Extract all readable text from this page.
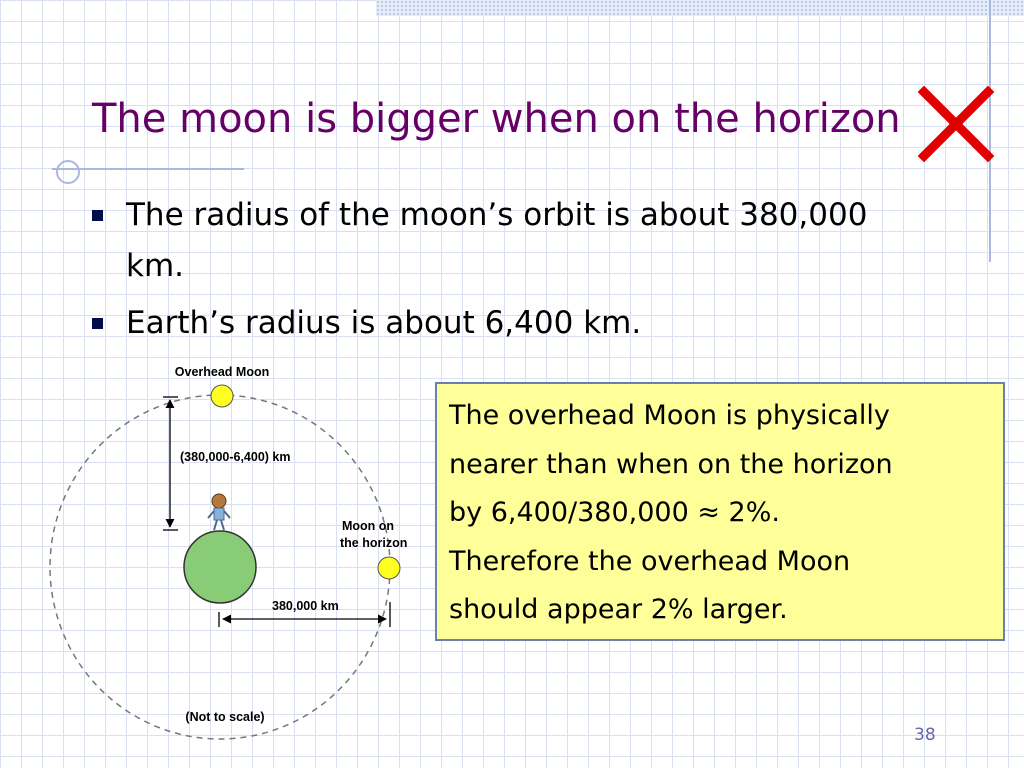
The moon is bigger when on the horizon
The radius of the moon’s orbit is about 380,000 km.
Earth’s radius is about 6,400 km.
Overhead Moon
(380,000-6,400) km
Moon on
the horizon
380,000 km
(Not to scale)
The overhead Moon is physically
nearer than when on the horizon
by 6,400/380,000 ≈ 2%.
Therefore the overhead Moon
should appear 2% larger.
38
